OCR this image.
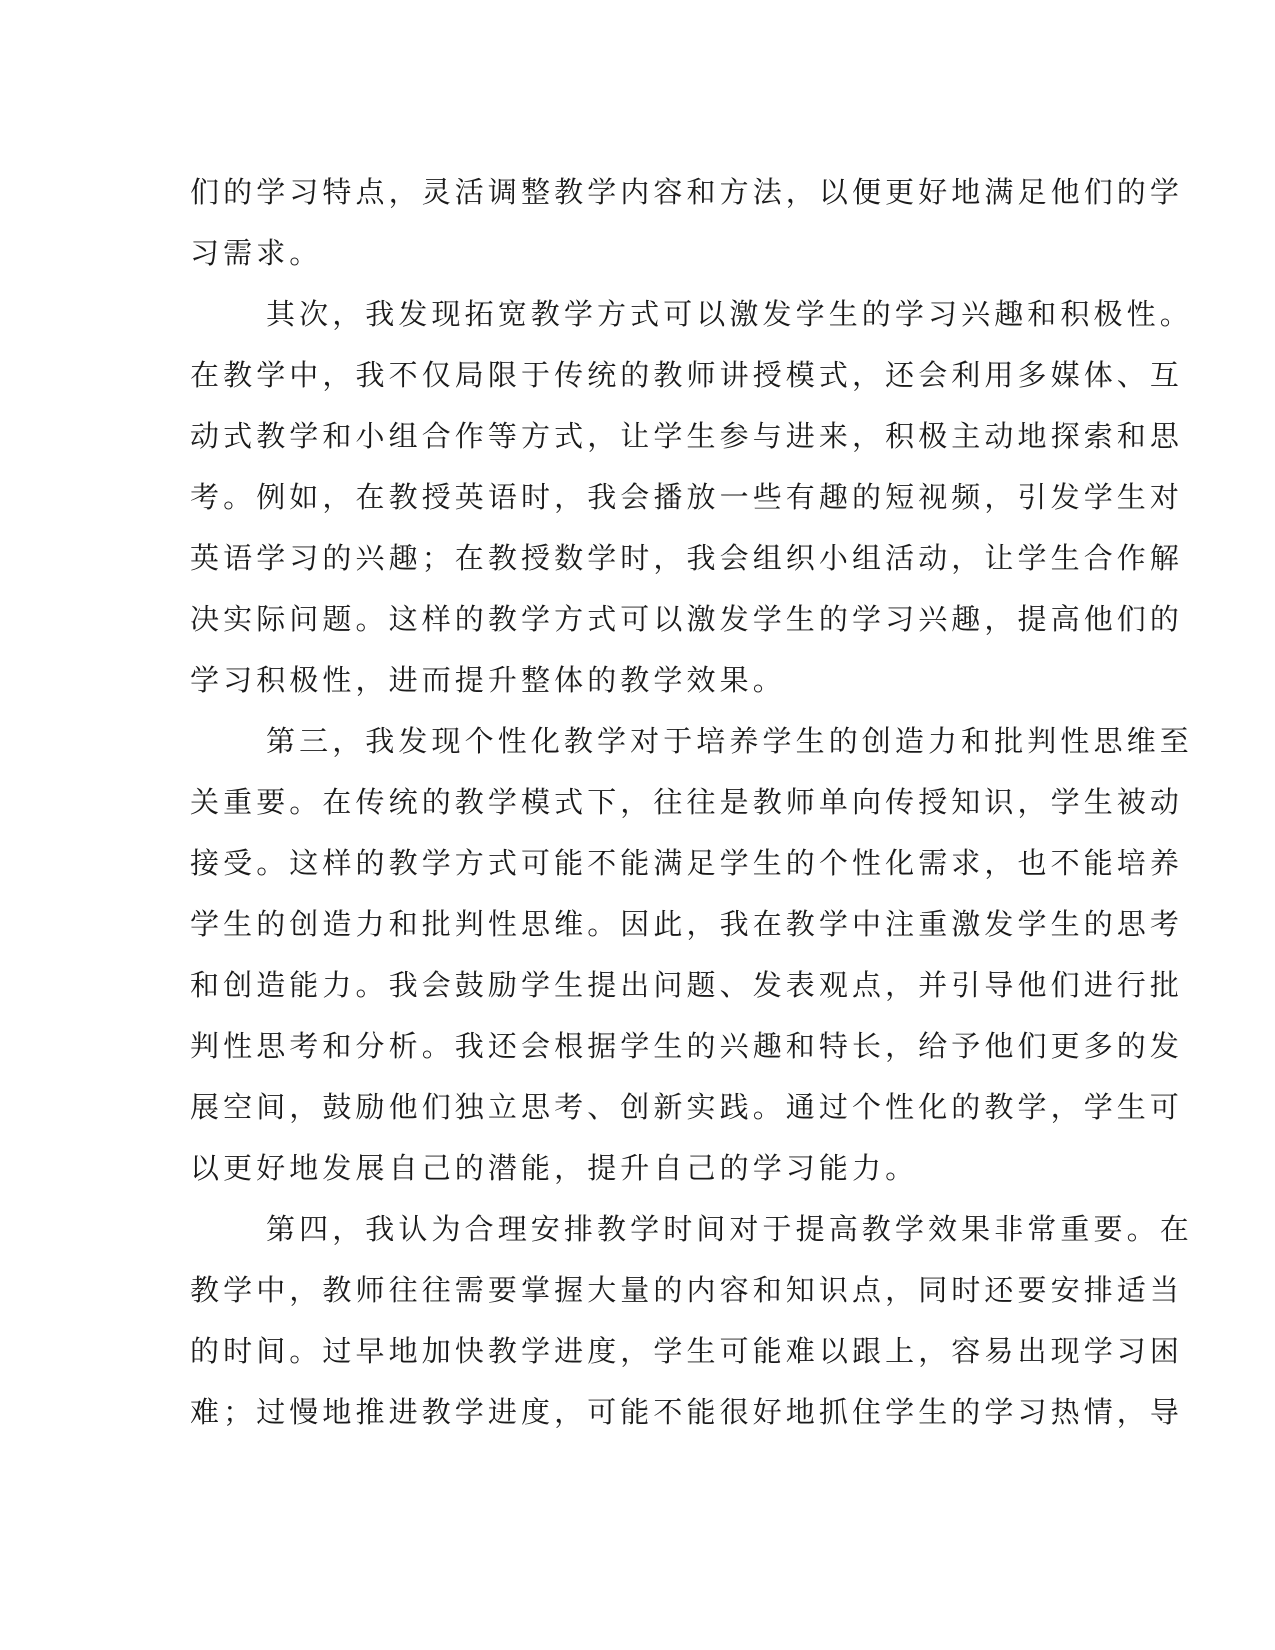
们的学习特点，灵活调整教学内容和方法，以便更好地满足他们的学
习需求。
其次，我发现拓宽教学方式可以激发学生的学习兴趣和积极性。
在教学中，我不仅局限于传统的教师讲授模式，还会利用多媒体、互
动式教学和小组合作等方式，让学生参与进来，积极主动地探索和思
考。例如，在教授英语时，我会播放一些有趣的短视频，引发学生对
英语学习的兴趣；在教授数学时，我会组织小组活动，让学生合作解
决实际问题。这样的教学方式可以激发学生的学习兴趣，提高他们的
学习积极性，进而提升整体的教学效果。
第三，我发现个性化教学对于培养学生的创造力和批判性思维至
关重要。在传统的教学模式下，往往是教师单向传授知识，学生被动
接受。这样的教学方式可能不能满足学生的个性化需求，也不能培养
学生的创造力和批判性思维。因此，我在教学中注重激发学生的思考
和创造能力。我会鼓励学生提出问题、发表观点，并引导他们进行批
判性思考和分析。我还会根据学生的兴趣和特长，给予他们更多的发
展空间，鼓励他们独立思考、创新实践。通过个性化的教学，学生可
以更好地发展自己的潜能，提升自己的学习能力。
第四，我认为合理安排教学时间对于提高教学效果非常重要。在
教学中，教师往往需要掌握大量的内容和知识点，同时还要安排适当
的时间。过早地加快教学进度，学生可能难以跟上，容易出现学习困
难；过慢地推进教学进度，可能不能很好地抓住学生的学习热情，导
